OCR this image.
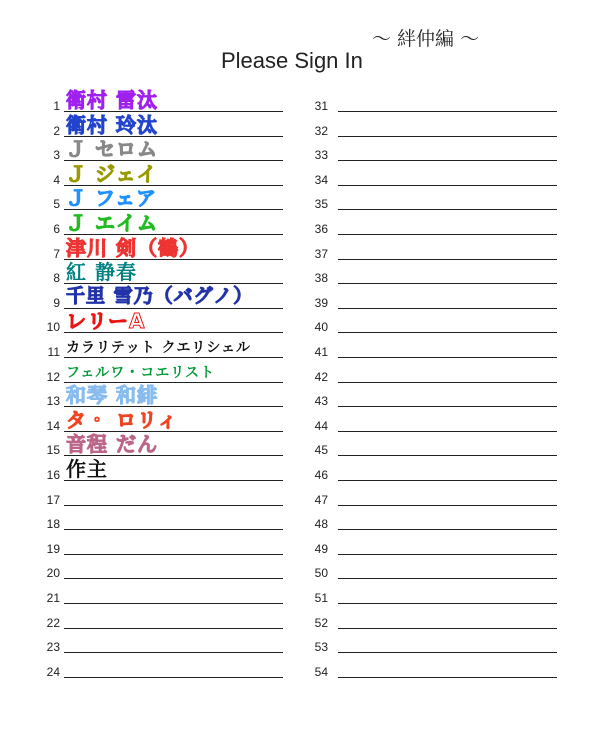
～ 絆仲編 ～
Please Sign In
1 衛村 雷汰
2 衛村 玲汰
3 Ｊ セロム
4 Ｊ ジェイ
5 Ｊ フェア
6 Ｊ エイム
7 津川 剣（鶴）
8 紅 静春
9 千里 雪乃（バグノ）
10 レリーA
11 カラリテット クエリシェル
12 フェルワ・コエリスト
13 和琴 和緋
14 タ・ ロリィ
15 音程 だん
16 作主
17
18
19
20
21
22
23
24
31
32
33
34
35
36
37
38
39
40
41
42
43
44
45
46
47
48
49
50
51
52
53
54
